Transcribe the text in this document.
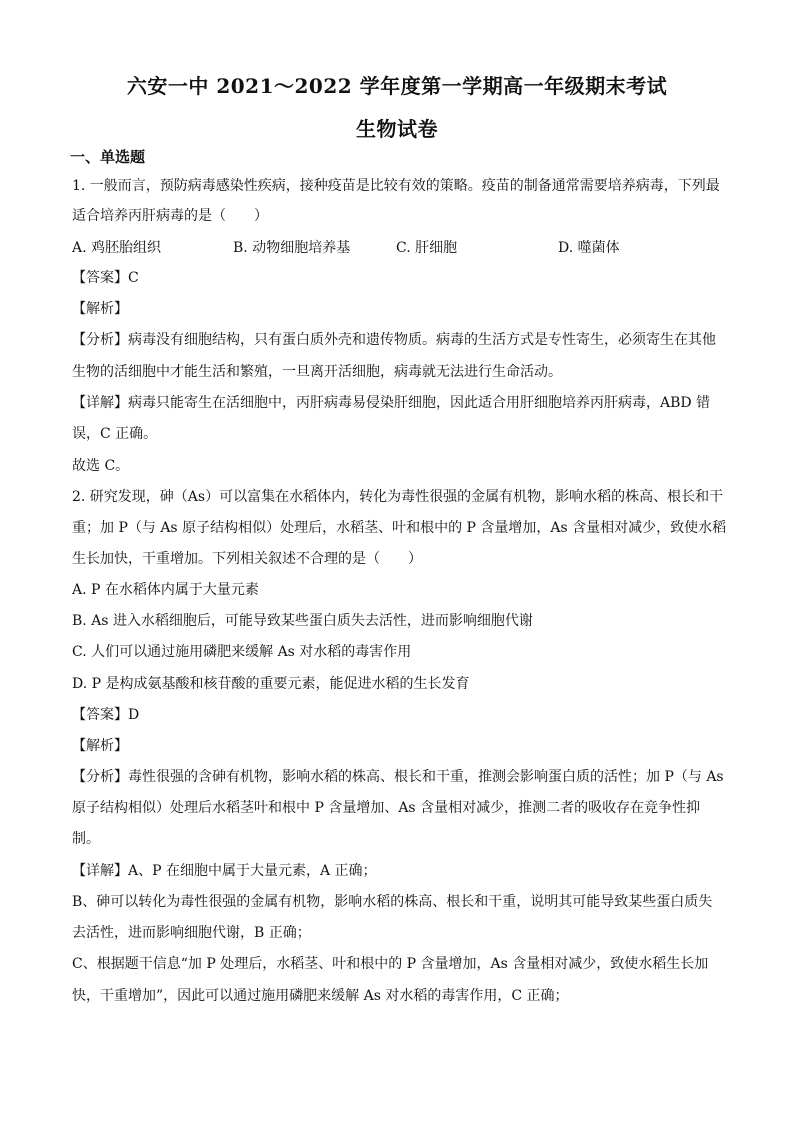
六安一中 2021～2022 学年度第一学期高一年级期末考试
生物试卷
一、单选题
1. 一般而言，预防病毒感染性疾病，接种疫苗是比较有效的策略。疫苗的制备通常需要培养病毒，下列最
适合培养丙肝病毒的是（　　）
A. 鸡胚胎组织	B. 动物细胞培养基	C. 肝细胞	D. 噬菌体
【答案】C
【解析】
【分析】病毒没有细胞结构，只有蛋白质外壳和遗传物质。病毒的生活方式是专性寄生，必须寄生在其他
生物的活细胞中才能生活和繁殖，一旦离开活细胞，病毒就无法进行生命活动。
【详解】病毒只能寄生在活细胞中，丙肝病毒易侵染肝细胞，因此适合用肝细胞培养丙肝病毒，ABD 错
误，C 正确。
故选 C。
2. 研究发现，砷（As）可以富集在水稻体内，转化为毒性很强的金属有机物，影响水稻的株高、根长和干
重；加 P（与 As 原子结构相似）处理后，水稻茎、叶和根中的 P 含量增加，As 含量相对减少，致使水稻
生长加快，干重增加。下列相关叙述不合理的是（　　）
A. P 在水稻体内属于大量元素
B. As 进入水稻细胞后，可能导致某些蛋白质失去活性，进而影响细胞代谢
C. 人们可以通过施用磷肥来缓解 As 对水稻的毒害作用
D. P 是构成氨基酸和核苷酸的重要元素，能促进水稻的生长发育
【答案】D
【解析】
【分析】毒性很强的含砷有机物，影响水稻的株高、根长和干重，推测会影响蛋白质的活性；加 P（与 As
原子结构相似）处理后水稻茎叶和根中 P 含量增加、As 含量相对减少，推测二者的吸收存在竞争性抑
制。
【详解】A、P 在细胞中属于大量元素，A 正确；
B、砷可以转化为毒性很强的金属有机物，影响水稻的株高、根长和干重，说明其可能导致某些蛋白质失
去活性，进而影响细胞代谢，B 正确；
C、根据题干信息“加 P 处理后，水稻茎、叶和根中的 P 含量增加，As 含量相对减少，致使水稻生长加
快，干重增加”，因此可以通过施用磷肥来缓解 As 对水稻的毒害作用，C 正确；
